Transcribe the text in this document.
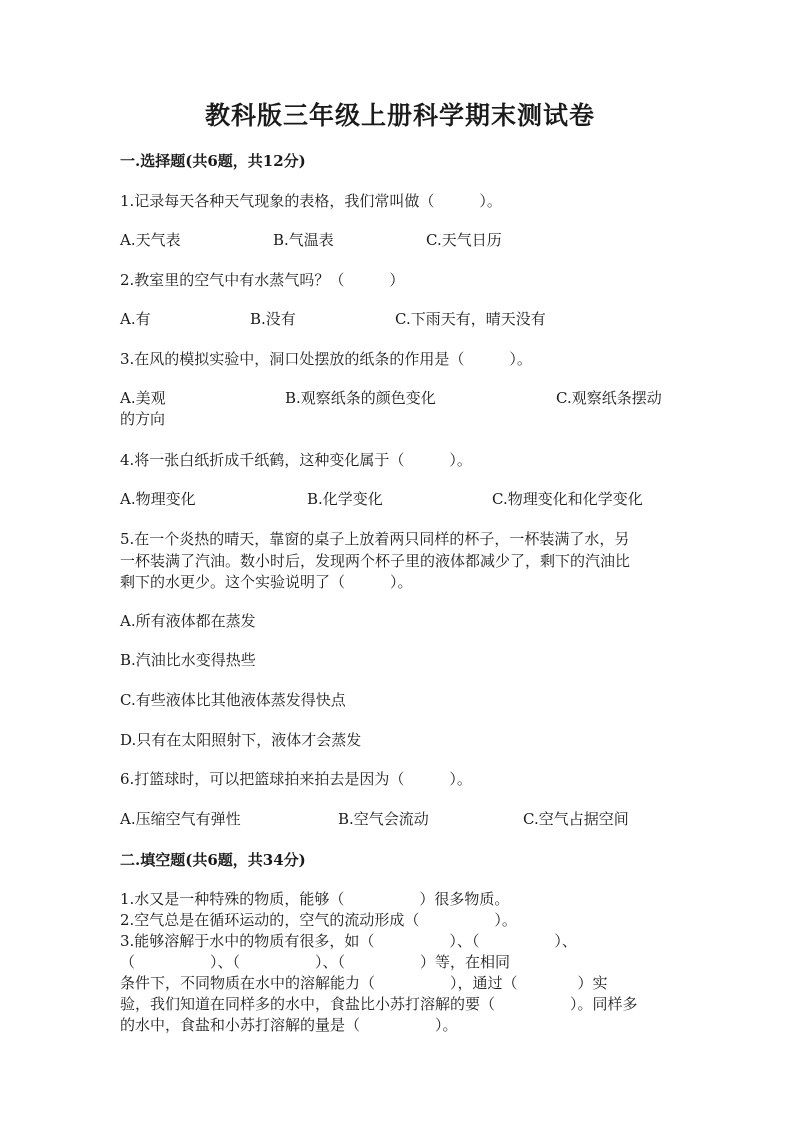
教科版三年级上册科学期末测试卷
一.选择题(共6题，共12分)
1.记录每天各种天气现象的表格，我们常叫做（　　　）。
A.天气表	B.气温表	C.天气日历
2.教室里的空气中有水蒸气吗？（　　　）
A.有	B.没有	C.下雨天有，晴天没有
3.在风的模拟实验中，洞口处摆放的纸条的作用是（　　　）。
A.美观	B.观察纸条的颜色变化	C.观察纸条摆动
的方向
4.将一张白纸折成千纸鹤，这种变化属于（　　　）。
A.物理变化	B.化学变化	C.物理变化和化学变化
5.在一个炎热的晴天，靠窗的桌子上放着两只同样的杯子，一杯装满了水，另
一杯装满了汽油。数小时后，发现两个杯子里的液体都减少了，剩下的汽油比
剩下的水更少。这个实验说明了（　　　）。
A.所有液体都在蒸发
B.汽油比水变得热些
C.有些液体比其他液体蒸发得快点
D.只有在太阳照射下，液体才会蒸发
6.打篮球时，可以把篮球拍来拍去是因为（　　　）。
A.压缩空气有弹性	B.空气会流动	C.空气占据空间
二.填空题(共6题，共34分)
1.水又是一种特殊的物质，能够（　　　　　）很多物质。
2.空气总是在循环运动的，空气的流动形成（　　　　　）。
3.能够溶解于水中的物质有很多，如（　　　　　）、（　　　　　）、
（　　　　　）、（　　　　　）、（　　　　　）等，在相同
条件下，不同物质在水中的溶解能力（　　　　　），通过（　　　　）实
验，我们知道在同样多的水中，食盐比小苏打溶解的要（　　　　　）。同样多
的水中，食盐和小苏打溶解的量是（　　　　　）。
